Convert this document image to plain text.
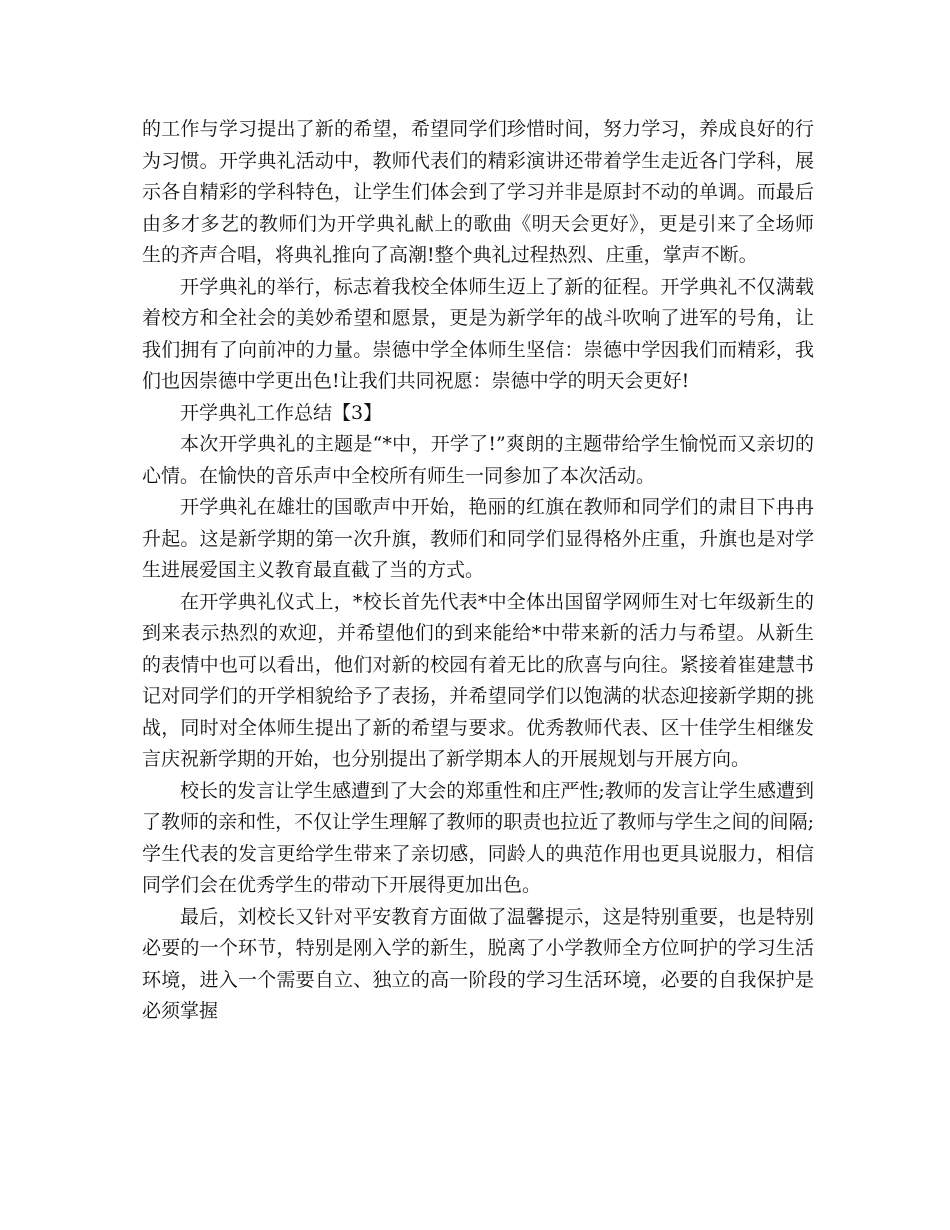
的工作与学习提出了新的希望，希望同学们珍惜时间，努力学习，养成良好的行为习惯。开学典礼活动中，教师代表们的精彩演讲还带着学生走近各门学科，展示各自精彩的学科特色，让学生们体会到了学习并非是原封不动的单调。而最后由多才多艺的教师们为开学典礼献上的歌曲《明天会更好》，更是引来了全场师生的齐声合唱，将典礼推向了高潮!整个典礼过程热烈、庄重，掌声不断。

开学典礼的举行，标志着我校全体师生迈上了新的征程。开学典礼不仅满载着校方和全社会的美妙希望和愿景，更是为新学年的战斗吹响了进军的号角，让我们拥有了向前冲的力量。崇德中学全体师生坚信：崇德中学因我们而精彩，我们也因崇德中学更出色!让我们共同祝愿：崇德中学的明天会更好!

开学典礼工作总结【3】

本次开学典礼的主题是“*中，开学了!”爽朗的主题带给学生愉悦而又亲切的心情。在愉快的音乐声中全校所有师生一同参加了本次活动。

开学典礼在雄壮的国歌声中开始，艳丽的红旗在教师和同学们的肃目下冉冉升起。这是新学期的第一次升旗，教师们和同学们显得格外庄重，升旗也是对学生进展爱国主义教育最直截了当的方式。

在开学典礼仪式上，*校长首先代表*中全体出国留学网师生对七年级新生的到来表示热烈的欢迎，并希望他们的到来能给*中带来新的活力与希望。从新生的表情中也可以看出，他们对新的校园有着无比的欣喜与向往。紧接着崔建慧书记对同学们的开学相貌给予了表扬，并希望同学们以饱满的状态迎接新学期的挑战，同时对全体师生提出了新的希望与要求。优秀教师代表、区十佳学生相继发言庆祝新学期的开始，也分别提出了新学期本人的开展规划与开展方向。

校长的发言让学生感遭到了大会的郑重性和庄严性;教师的发言让学生感遭到了教师的亲和性，不仅让学生理解了教师的职责也拉近了教师与学生之间的间隔;学生代表的发言更给学生带来了亲切感，同龄人的典范作用也更具说服力，相信同学们会在优秀学生的带动下开展得更加出色。

最后，刘校长又针对平安教育方面做了温馨提示，这是特别重要，也是特别必要的一个环节，特别是刚入学的新生，脱离了小学教师全方位呵护的学习生活环境，进入一个需要自立、独立的高一阶段的学习生活环境，必要的自我保护是必须掌握
